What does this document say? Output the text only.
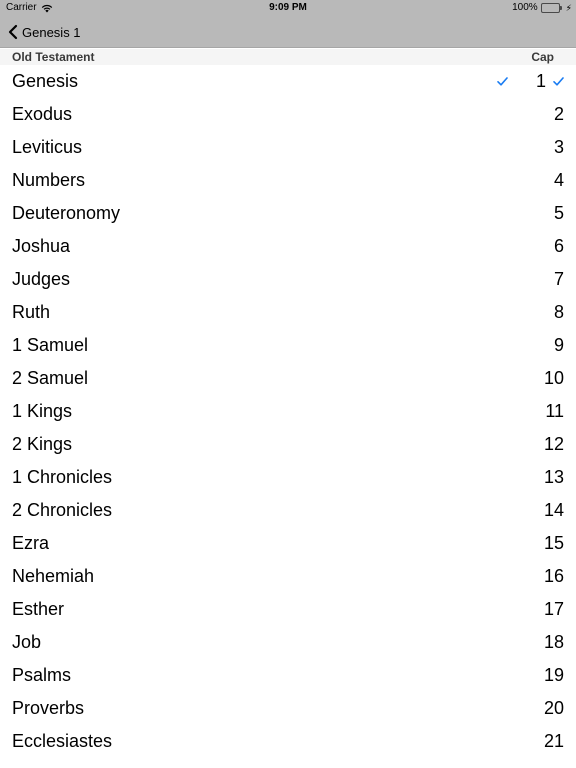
Carrier	9:09 PM	100%	⚡︎
Genesis 1
Old Testament	Cap
Genesis	1
Exodus	2
Leviticus	3
Numbers	4
Deuteronomy	5
Joshua	6
Judges	7
Ruth	8
1 Samuel	9
2 Samuel	10
1 Kings	11
2 Kings	12
1 Chronicles	13
2 Chronicles	14
Ezra	15
Nehemiah	16
Esther	17
Job	18
Psalms	19
Proverbs	20
Ecclesiastes	21
